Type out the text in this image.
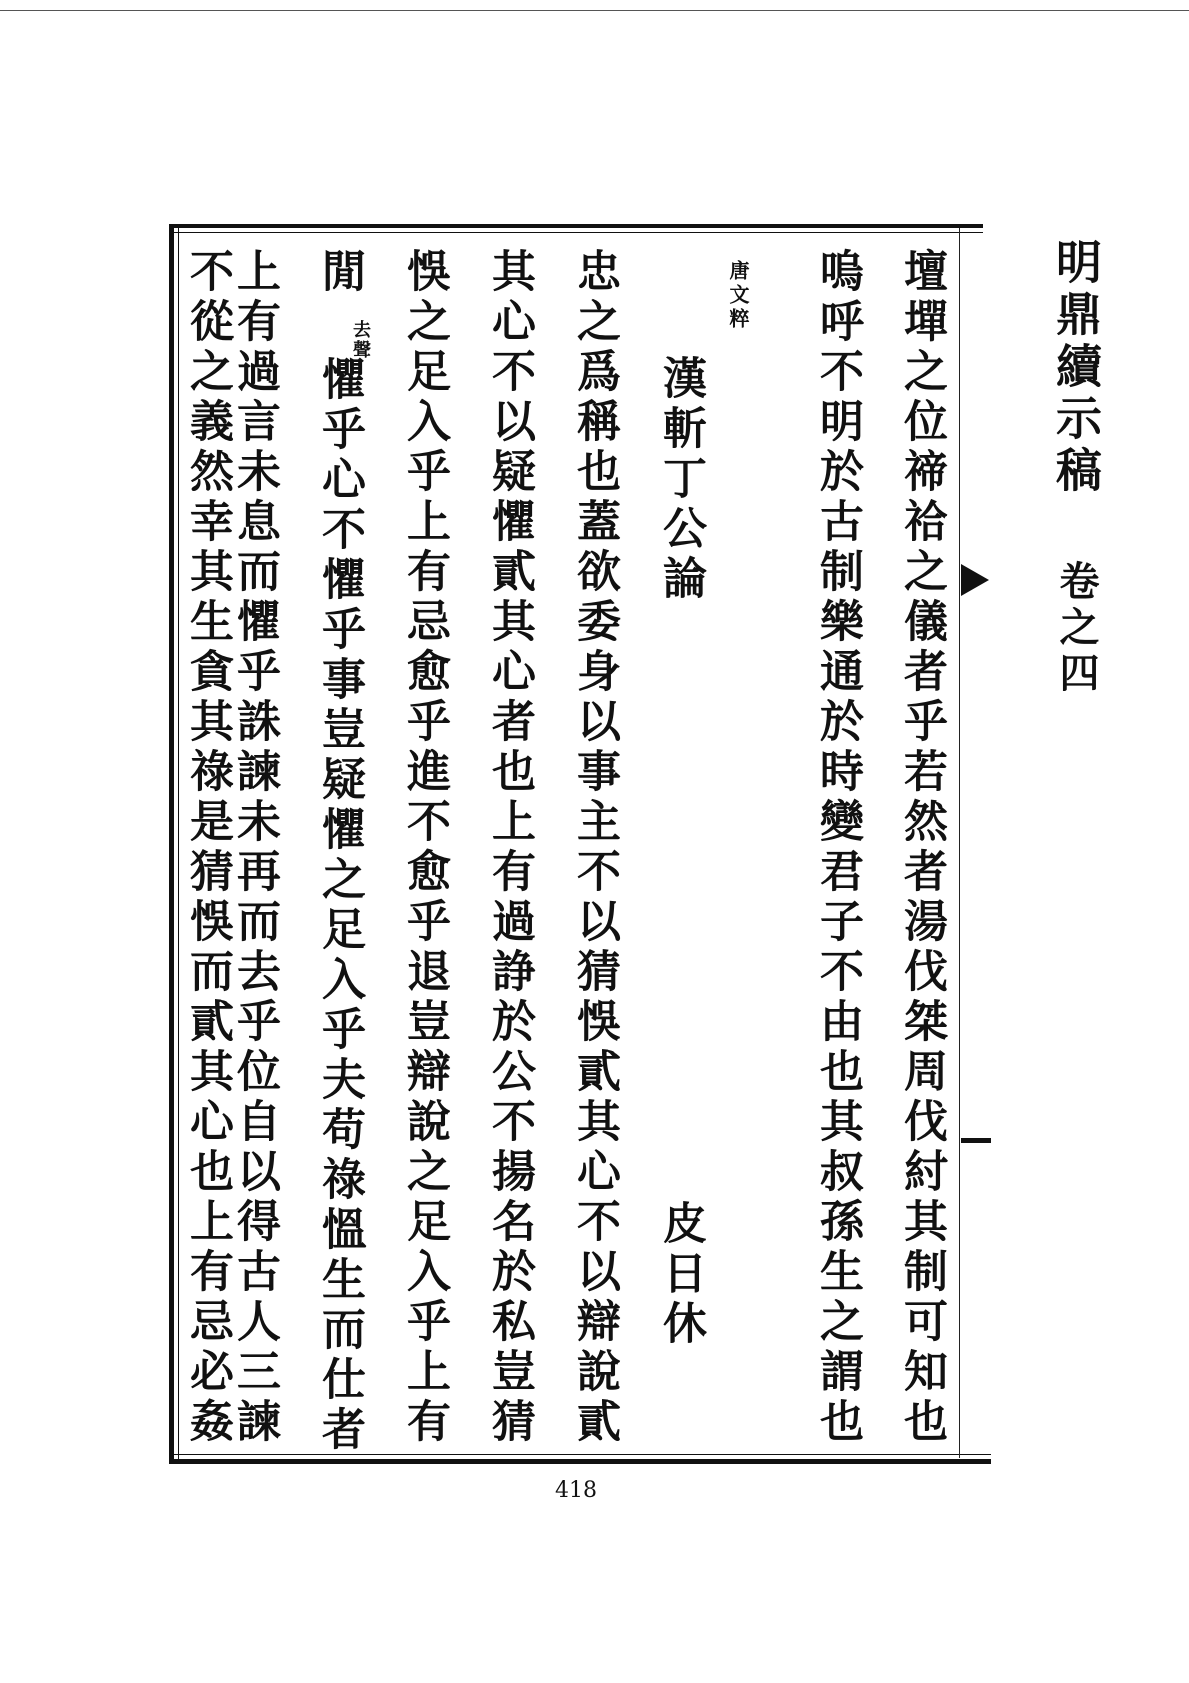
明鼎續示稿
卷之四
壇墠之位禘祫之儀者乎若然者湯伐桀周伐紂其制可知也
嗚呼不明於古制樂通於時變君子不由也其叔孫生之謂也
唐文粹
漢斬丁公論
皮日休
忠之爲稱也蓋欲委身以事主不以猜悞貳其心不以辯說貳
其心不以疑懼貳其心者也上有過諍於公不揚名於私豈猜
悞之足入乎上有忌愈乎進不愈乎退豈辯說之足入乎上有
閒
去聲
懼乎心不懼乎事豈疑懼之足入乎夫苟祿慍生而仕者
上有過言未息而懼乎誅諫未再而去乎位自以得古人三諫
不從之義然幸其生貪其祿是猜悞而貳其心也上有忌必姦
418
